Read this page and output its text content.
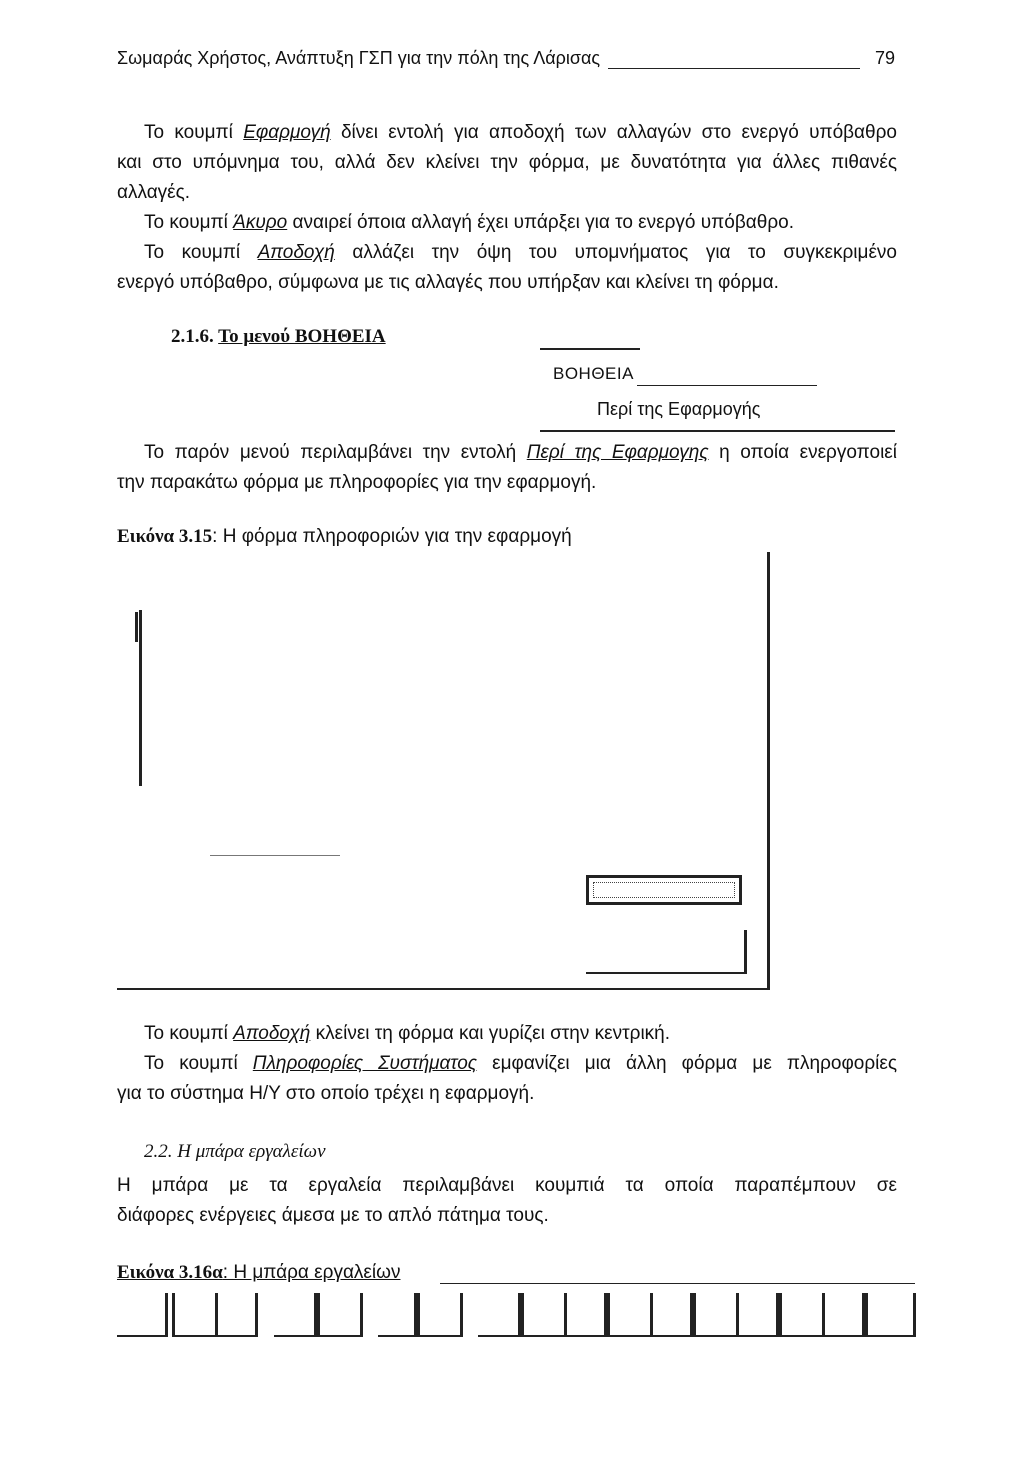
Σωμαράς Χρήστος, Ανάπτυξη ΓΣΠ για την πόλη της Λάρισας	79
Το κουμπί Εφαρμογή δίνει εντολή για αποδοχή των αλλαγών στο ενεργό υπόβαθρο
και στο υπόμνημα του, αλλά δεν κλείνει την φόρμα, με δυνατότητα για άλλες πιθανές
αλλαγές.
Το κουμπί Άκυρο αναιρεί όποια αλλαγή έχει υπάρξει για το ενεργό υπόβαθρο.
Το κουμπί Αποδοχή αλλάζει την όψη του υπομνήματος για το συγκεκριμένο
ενεργό υπόβαθρο, σύμφωνα με τις αλλαγές που υπήρξαν και κλείνει τη φόρμα.
2.1.6. Το μενού ΒΟΗΘΕΙΑ
ΒΟΗΘΕΙΑ
Περί της Εφαρμογής
Το παρόν μενού περιλαμβάνει την εντολή Περί της Εφαρμογης η οποία ενεργοποιεί
την παρακάτω φόρμα με πληροφορίες για την εφαρμογή.
Εικόνα 3.15: Η φόρμα πληροφοριών για την εφαρμογή
Το κουμπί Αποδοχή κλείνει τη φόρμα και γυρίζει στην κεντρική.
Το κουμπί Πληροφορίες Συστήματος εμφανίζει μια άλλη φόρμα με πληροφορίες
για το σύστημα Η/Υ στο οποίο τρέχει η εφαρμογή.
2.2. Η μπάρα εργαλείων
Η μπάρα με τα εργαλεία περιλαμβάνει κουμπιά τα οποία παραπέμπουν σε
διάφορες ενέργειες άμεσα με το απλό πάτημα τους.
Εικόνα 3.16α: Η μπάρα εργαλείων
